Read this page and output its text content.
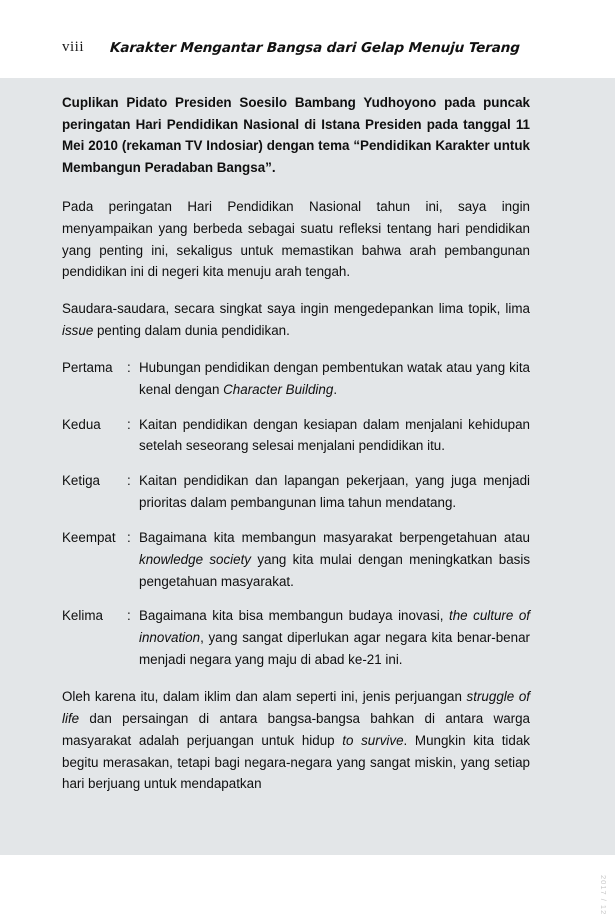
viii Karakter Mengantar Bangsa dari Gelap Menuju Terang

Cuplikan Pidato Presiden Soesilo Bambang Yudhoyono pada puncak peringatan Hari Pendidikan Nasional di Istana Presiden pada tanggal 11 Mei 2010 (rekaman TV Indosiar) dengan tema “Pendidikan Karakter untuk Membangun Peradaban Bangsa”.

Pada peringatan Hari Pendidikan Nasional tahun ini, saya ingin menyampaikan yang berbeda sebagai suatu refleksi tentang hari pendidikan yang penting ini, sekaligus untuk memastikan bahwa arah pembangunan pendidikan ini di negeri kita menuju arah tengah.

Saudara-saudara, secara singkat saya ingin mengedepankan lima topik, lima issue penting dalam dunia pendidikan.

Pertama	: Hubungan pendidikan dengan pembentukan watak atau yang kita kenal dengan Character Building.
Kedua	: Kaitan pendidikan dengan kesiapan dalam menjalani kehidupan setelah seseorang selesai menjalani pendidikan itu.
Ketiga	: Kaitan pendidikan dan lapangan pekerjaan, yang juga menjadi prioritas dalam pembangunan lima tahun mendatang.
Keempat : Bagaimana kita membangun masyarakat berpengetahuan atau knowledge society yang kita mulai dengan meningkatkan basis pengetahuan masyarakat.
Kelima	: Bagaimana kita bisa membangun budaya inovasi, the culture of innovation, yang sangat diperlukan agar negara kita benar-benar menjadi negara yang maju di abad ke-21 ini.

Oleh karena itu, dalam iklim dan alam seperti ini, jenis perjuangan struggle of life dan persaingan di antara bangsa-bangsa bahkan di antara warga masyarakat adalah perjuangan untuk hidup to survive. Mungkin kita tidak begitu merasakan, tetapi bagi negara-negara yang sangat miskin, yang setiap hari berjuang untuk mendapatkan

2017 / 12
